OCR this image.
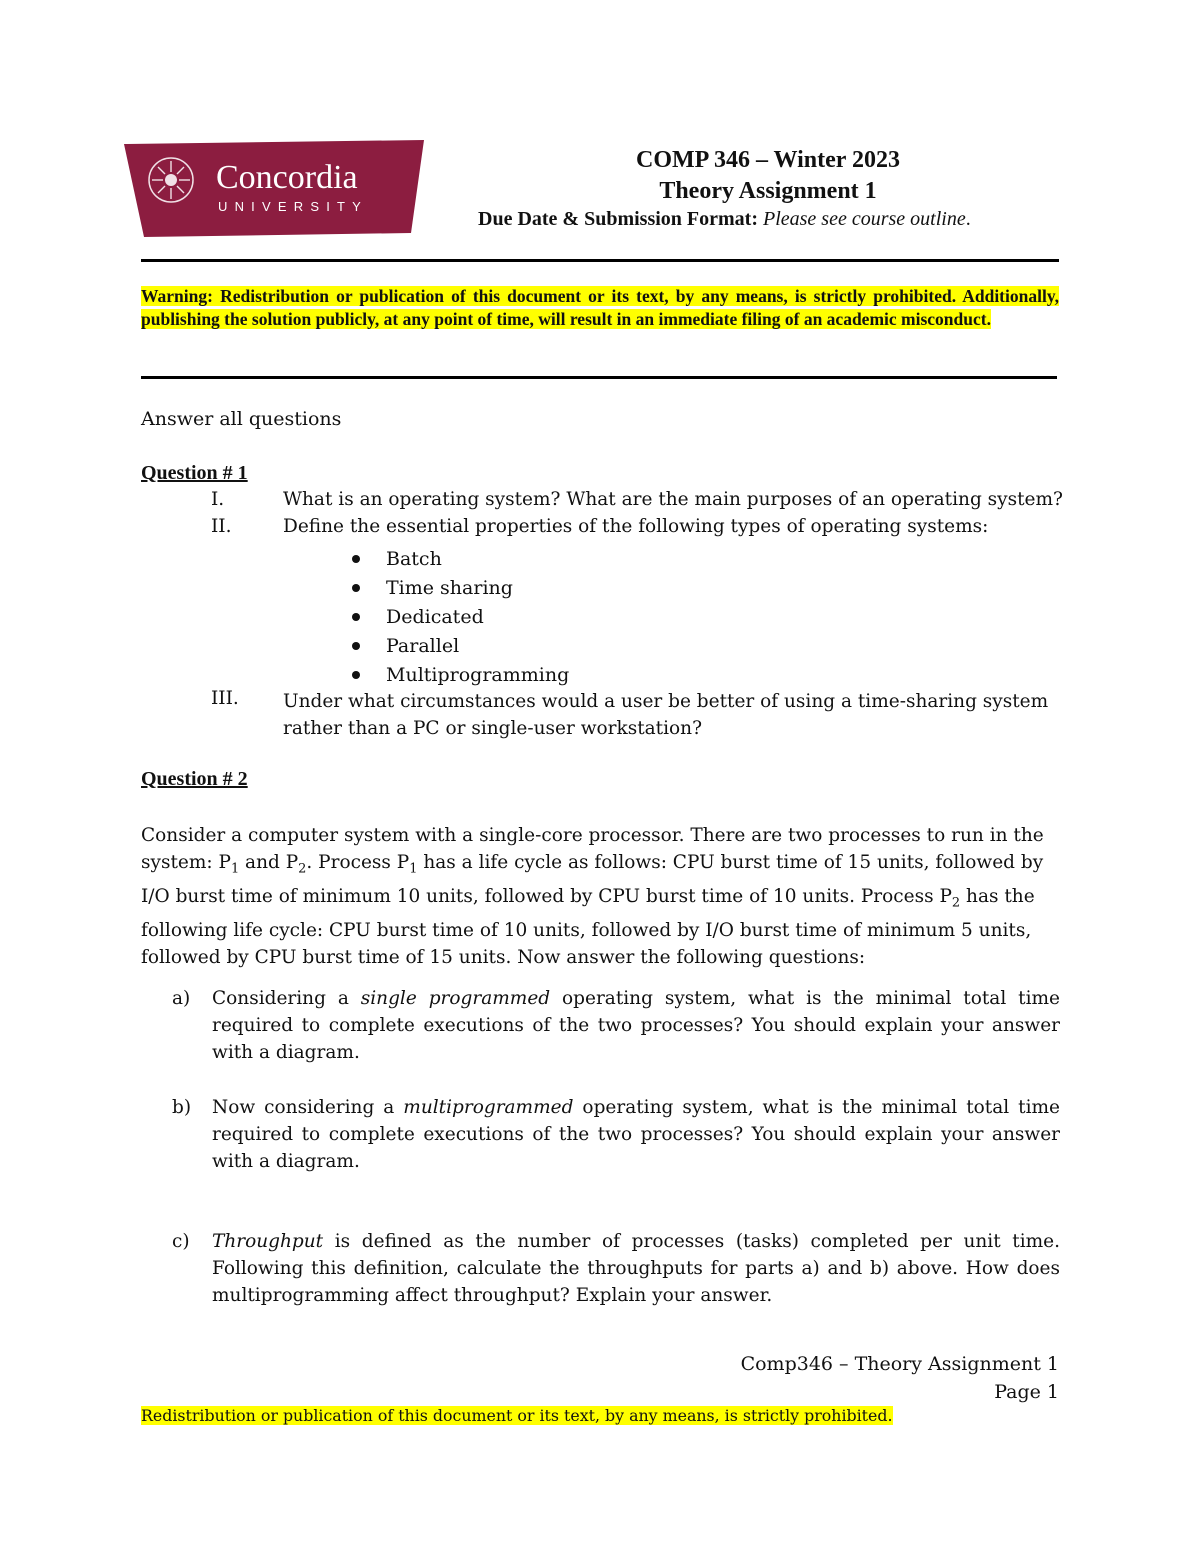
Concordia
UNIVERSITY
COMP 346 – Winter 2023
Theory Assignment 1
Due Date & Submission Format: Please see course outline.
Warning: Redistribution or publication of this document or its text, by any means, is strictly prohibited. Additionally, publishing the solution publicly, at any point of time, will result in an immediate filing of an academic misconduct.
Answer all questions
Question # 1
I.	What is an operating system? What are the main purposes of an operating system?
II.	Define the essential properties of the following types of operating systems:
Batch
Time sharing
Dedicated
Parallel
Multiprogramming
III. Under what circumstances would a user be better of using a time-sharing system rather than a PC or single-user workstation?
Question # 2
Consider a computer system with a single-core processor. There are two processes to run in the system: $P_1$ and $P_2$. Process $P_1$ has a life cycle as follows: CPU burst time of 15 units, followed by I/O burst time of minimum 10 units, followed by CPU burst time of 10 units. Process $P_2$ has the following life cycle: CPU burst time of 10 units, followed by I/O burst time of minimum 5 units, followed by CPU burst time of 15 units. Now answer the following questions:
a) Considering a single programmed operating system, what is the minimal total time required to complete executions of the two processes? You should explain your answer with a diagram.
b) Now considering a multiprogrammed operating system, what is the minimal total time required to complete executions of the two processes? You should explain your answer with a diagram.
c) Throughput is defined as the number of processes (tasks) completed per unit time. Following this definition, calculate the throughputs for parts a) and b) above. How does multiprogramming affect throughput? Explain your answer.
Comp346 – Theory Assignment 1
Page 1
Redistribution or publication of this document or its text, by any means, is strictly prohibited.
